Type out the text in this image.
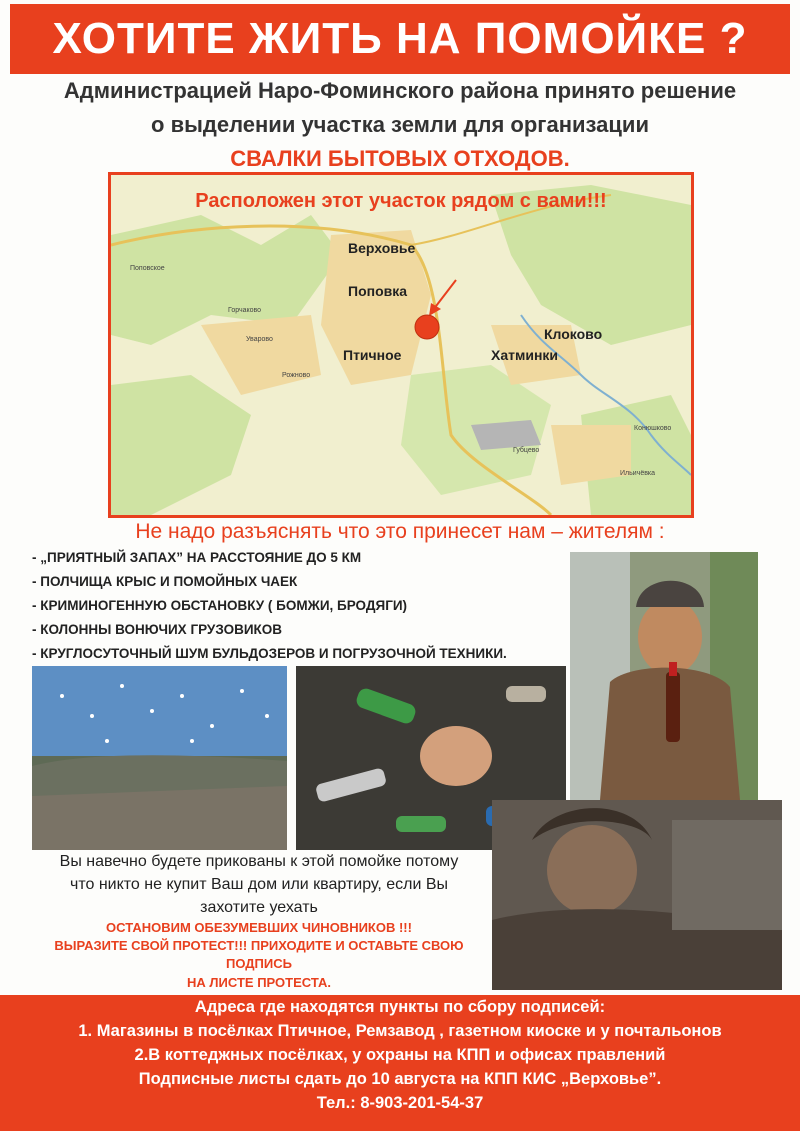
ХОТИТЕ ЖИТЬ НА ПОМОЙКЕ ?
Администрацией Наро-Фоминского района принято решение
о выделении участка земли для организации
СВАЛКИ БЫТОВЫХ ОТХОДОВ.
Расположен этот участок рядом с вами!!!
Верховье
Поповка
Птичное
Клоково
Хатминки
Поповское
Горчаково
Уварово
Рожново
Конюшково
Губцево
Ильичёвка
Не надо разъяснять что это принесет нам – жителям :
- „ПРИЯТНЫЙ ЗАПАХ” НА РАССТОЯНИЕ ДО 5 КМ
- ПОЛЧИЩА КРЫС И ПОМОЙНЫХ ЧАЕК
- КРИМИНОГЕННУЮ ОБСТАНОВКУ ( БОМЖИ, БРОДЯГИ)
- КОЛОННЫ ВОНЮЧИХ ГРУЗОВИКОВ
- КРУГЛОСУТОЧНЫЙ ШУМ БУЛЬДОЗЕРОВ И ПОГРУЗОЧНОЙ ТЕХНИКИ.
Вы навечно будете прикованы к этой помойке потому
что никто не купит Ваш дом или квартиру, если Вы
захотите уехать
ОСТАНОВИМ ОБЕЗУМЕВШИХ ЧИНОВНИКОВ !!!
ВЫРАЗИТЕ СВОЙ ПРОТЕСТ!!! ПРИХОДИТЕ И ОСТАВЬТЕ СВОЮ
ПОДПИСЬ
НА ЛИСТЕ ПРОТЕСТА.
Адреса где находятся пункты по сбору подписей:
1. Магазины в посёлках Птичное, Ремзавод , газетном киоске и у почтальонов
2.В коттеджных посёлках, у охраны на КПП и офисах правлений
Подписные листы сдать до 10 августа на КПП КИС „Верховье”.
Тел.: 8-903-201-54-37
